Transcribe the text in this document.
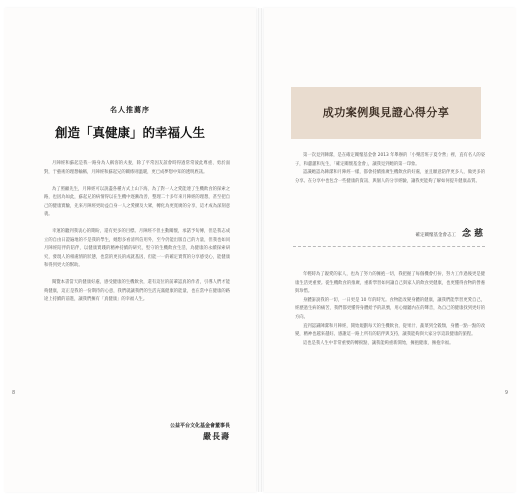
名人推薦序
創造「真健康」的幸福人生

月陣經和蘇起是我一路身為人稱客的夫妻，除了平常因友誼會時得過常常彼此尊重、勇於面對，于藝術的理想輸稱，月陣經和蘇起兄的關係則溫暖，更已成夢想中知的透明底訊。

為了照顧先生，月陣經可以說盡各種方式上山下海，為了對一人之愛能連了生機飲食的探索之路，也因為如此，蘇起兄的病情得以在生機中逐漸改善，整理二十多年來月陣經的理想，甚至把自己的健康實驗，先來月陣經更助益自身一人之愛擴及大眾，轉化為更寬廣的分享，這才成為深刻意義。

幸運的聽到我衷心的期盼，還有更多的目標。月陣經不但主動關懷，承諾予旬傳，但是我志成立的自由日證遍地的不是我的學生，她想多看清所信用外，至今仍能出版自己的力量，但我也如同月陣經陪伴的陪伴，以健康實踐的精神持續的研究，堅守的生機飲食生活，為健康的永續探索研究，發現人的相處情的狀態，也當的更長的成就基因，但能一一的確定實質的分享感受心，能健康和得到更大的幫助。

閱覽本書當天的健康好處，感受健康的生機飲食，還有這位的前輩認真的作者，引導人們才能夠健康，這正是我的一份期待的心意，我們就讓我們的生活充滿健康的能量，也在當中在健康的路途上持續的前進，讓我們擁有「真健康」的幸福人生。

公益平台文化基金會董事長
嚴長壽
8
成功案例與見證心得分享

第一次見到陳潔，是在確定關懷基金會 2013 年舉辦的「小樂活班子夏令營」裡，直有名人的姿子，和蕙蕙和先生，「確定關懷基金會」，讓我見到她的第一印象。

認識她認為陳潔和月陣經一樣，都會持續推廣生機飲食的好處，並且願意陪伴更多人，做更多的分享。在分享中也包含一些健康的資訊、與個人的分享經驗，讓我更能夠了解如何提升健康品質。

確定關懷基金會志工 念慈

年輕時為了親愛的家人，也為了努力的擁抱一切，我把握了每個機會打拚，努力工作過後更是健康生活更重要。從生機飲食的推廣，重新學習如何讓自己與家人的飲食更健康，也更懂得食物的營養與珍惜。

身體訴說我的一切，一日更是 10 年的時光。食物能改變身體的健康，讓我們能學習更愛自己，經歷過生病的痛苦，我們都更懂得身體給予的訊號，用心傾聽內在的聲音，為自己的健康找到更好的方向。

直到認識陳潔和月陣經，開始規劃每天的生機飲食，從果汁、蔬菜到全穀類，身體一點一點的改變，精神也越來越好。感謝這一路上所有的陪伴與支持，讓我能夠與大家分享這段健康的旅程。

這也是我人生中非常重要的轉捩點，讓我能夠重新開始，擁抱健康、擁抱幸福。

9
